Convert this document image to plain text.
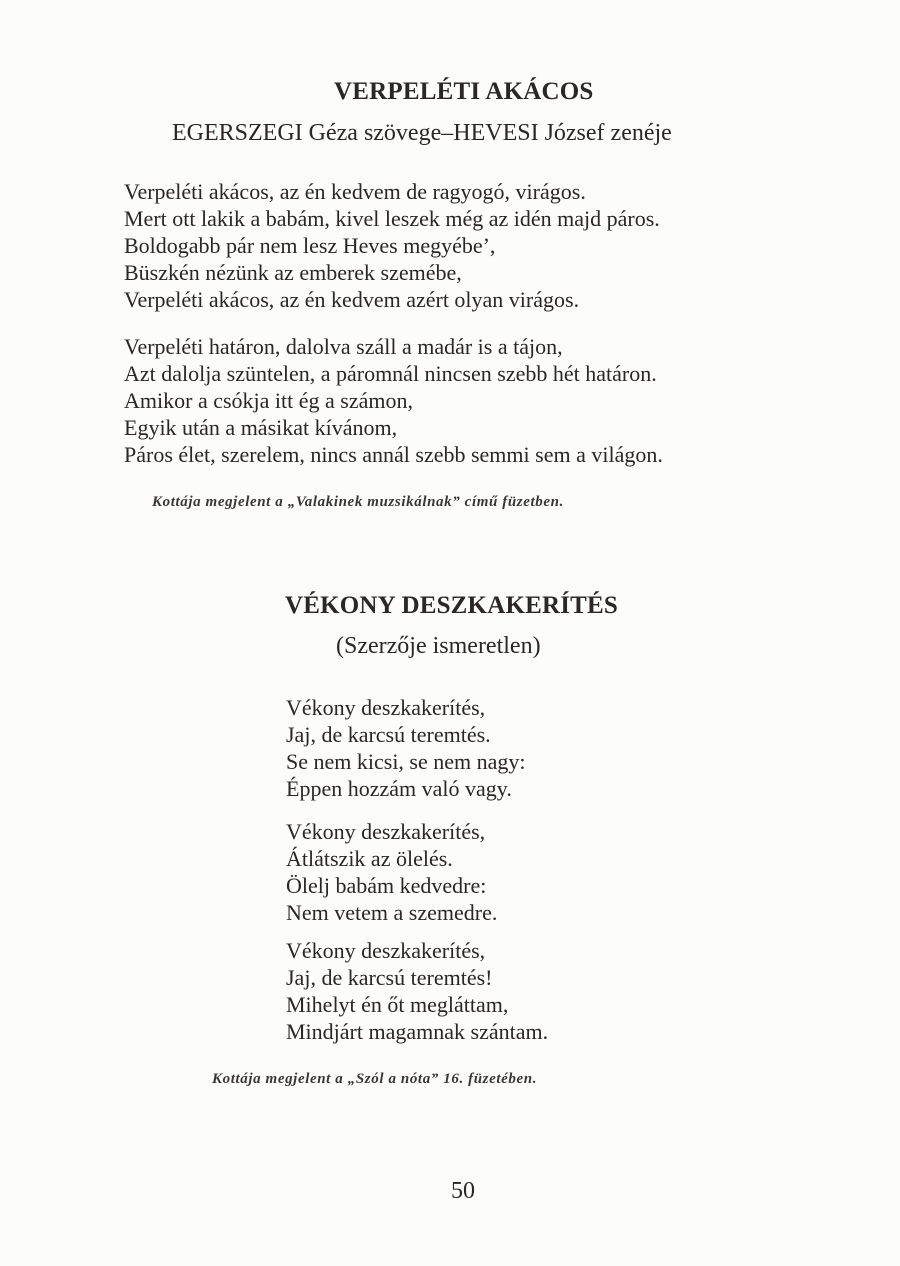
VERPELÉTI AKÁCOS
EGERSZEGI Géza szövege–HEVESI József zenéje
Verpeléti akácos, az én kedvem de ragyogó, virágos.
Mert ott lakik a babám, kivel leszek még az idén majd páros.
Boldogabb pár nem lesz Heves megyébe’,
Büszkén nézünk az emberek szemébe,
Verpeléti akácos, az én kedvem azért olyan virágos.
Verpeléti határon, dalolva száll a madár is a tájon,
Azt dalolja szüntelen, a páromnál nincsen szebb hét határon.
Amikor a csókja itt ég a számon,
Egyik után a másikat kívánom,
Páros élet, szerelem, nincs annál szebb semmi sem a világon.
Kottája megjelent a „Valakinek muzsikálnak” című füzetben.
VÉKONY DESZKAKERÍTÉS
(Szerzője ismeretlen)
Vékony deszkakerítés,
Jaj, de karcsú teremtés.
Se nem kicsi, se nem nagy:
Éppen hozzám való vagy.
Vékony deszkakerítés,
Átlátszik az ölelés.
Ölelj babám kedvedre:
Nem vetem a szemedre.
Vékony deszkakerítés,
Jaj, de karcsú teremtés!
Mihelyt én őt megláttam,
Mindjárt magamnak szántam.
Kottája megjelent a „Szól a nóta” 16. füzetében.
50
